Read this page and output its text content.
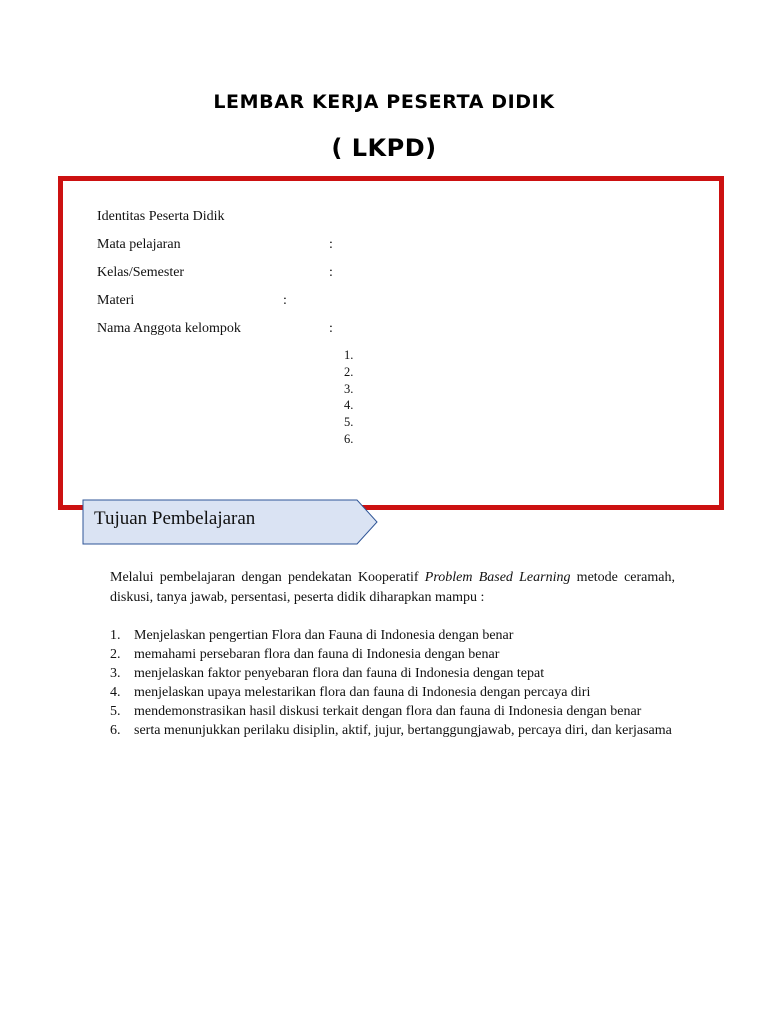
LEMBAR KERJA PESERTA DIDIK
( LKPD)
Identitas Peserta Didik
Mata pelajaran	:
Kelas/Semester	:
Materi	:
Nama Anggota kelompok	:
1.
2.
3.
4.
5.
6.
Tujuan Pembelajaran

Melalui pembelajaran dengan pendekatan Kooperatif Problem Based Learning metode ceramah, diskusi, tanya jawab, persentasi, peserta didik diharapkan mampu :

1. Menjelaskan pengertian Flora dan Fauna di Indonesia dengan benar
2. memahami persebaran flora dan fauna di Indonesia dengan benar
3. menjelaskan faktor penyebaran flora dan fauna di Indonesia dengan tepat
4. menjelaskan upaya melestarikan flora dan fauna di Indonesia dengan percaya diri
5. mendemonstrasikan hasil diskusi terkait dengan flora dan fauna di Indonesia dengan benar
6. serta menunjukkan perilaku disiplin, aktif, jujur, bertanggungjawab, percaya diri, dan kerjasama
